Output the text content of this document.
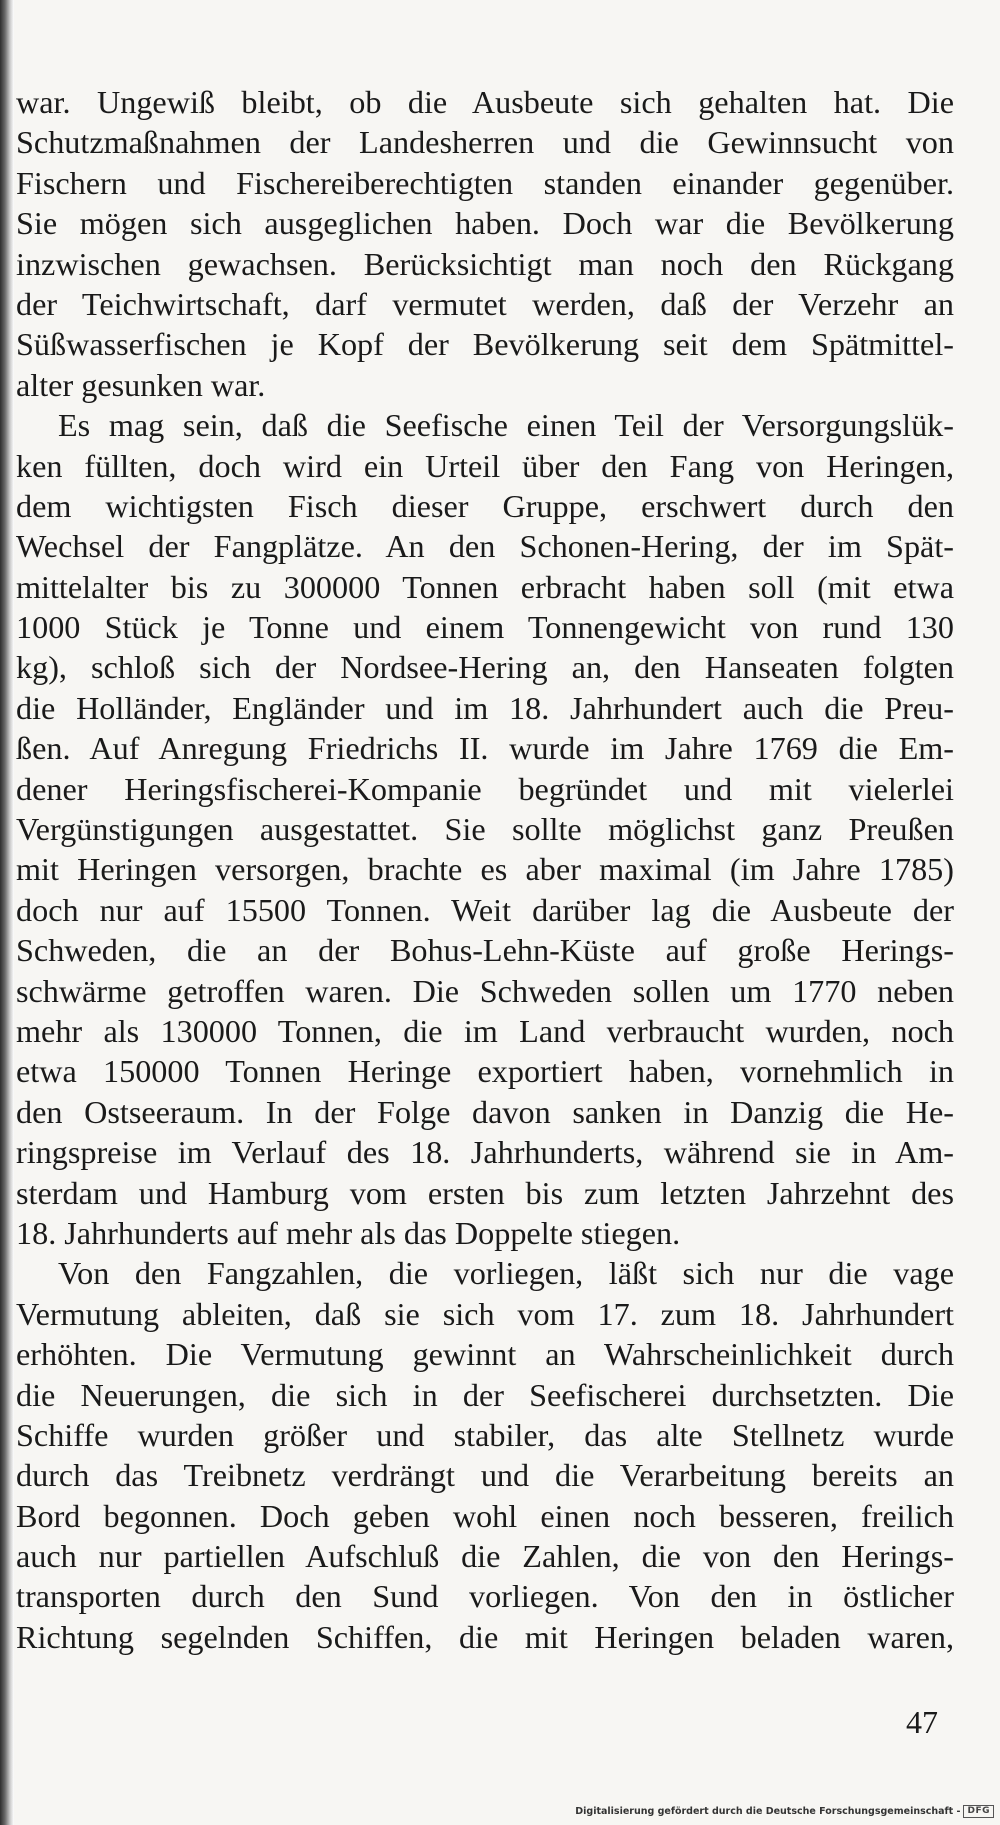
war. Ungewiß bleibt, ob die Ausbeute sich gehalten hat. Die
Schutzmaßnahmen der Landesherren und die Gewinnsucht von
Fischern und Fischereiberechtigten standen einander gegenüber.
Sie mögen sich ausgeglichen haben. Doch war die Bevölkerung
inzwischen gewachsen. Berücksichtigt man noch den Rückgang
der Teichwirtschaft, darf vermutet werden, daß der Verzehr an
Süßwasserfischen je Kopf der Bevölkerung seit dem Spätmittel-
alter gesunken war.
Es mag sein, daß die Seefische einen Teil der Versorgungslük-
ken füllten, doch wird ein Urteil über den Fang von Heringen,
dem wichtigsten Fisch dieser Gruppe, erschwert durch den
Wechsel der Fangplätze. An den Schonen-Hering, der im Spät-
mittelalter bis zu 300000 Tonnen erbracht haben soll (mit etwa
1000 Stück je Tonne und einem Tonnengewicht von rund 130
kg), schloß sich der Nordsee-Hering an, den Hanseaten folgten
die Holländer, Engländer und im 18. Jahrhundert auch die Preu-
ßen. Auf Anregung Friedrichs II. wurde im Jahre 1769 die Em-
dener Heringsfischerei-Kompanie begründet und mit vielerlei
Vergünstigungen ausgestattet. Sie sollte möglichst ganz Preußen
mit Heringen versorgen, brachte es aber maximal (im Jahre 1785)
doch nur auf 15500 Tonnen. Weit darüber lag die Ausbeute der
Schweden, die an der Bohus-Lehn-Küste auf große Herings-
schwärme getroffen waren. Die Schweden sollen um 1770 neben
mehr als 130000 Tonnen, die im Land verbraucht wurden, noch
etwa 150000 Tonnen Heringe exportiert haben, vornehmlich in
den Ostseeraum. In der Folge davon sanken in Danzig die He-
ringspreise im Verlauf des 18. Jahrhunderts, während sie in Am-
sterdam und Hamburg vom ersten bis zum letzten Jahrzehnt des
18. Jahrhunderts auf mehr als das Doppelte stiegen.
Von den Fangzahlen, die vorliegen, läßt sich nur die vage
Vermutung ableiten, daß sie sich vom 17. zum 18. Jahrhundert
erhöhten. Die Vermutung gewinnt an Wahrscheinlichkeit durch
die Neuerungen, die sich in der Seefischerei durchsetzten. Die
Schiffe wurden größer und stabiler, das alte Stellnetz wurde
durch das Treibnetz verdrängt und die Verarbeitung bereits an
Bord begonnen. Doch geben wohl einen noch besseren, freilich
auch nur partiellen Aufschluß die Zahlen, die von den Herings-
transporten durch den Sund vorliegen. Von den in östlicher
Richtung segelnden Schiffen, die mit Heringen beladen waren,
47
Digitalisierung gefördert durch die Deutsche Forschungsgemeinschaft - DFG
